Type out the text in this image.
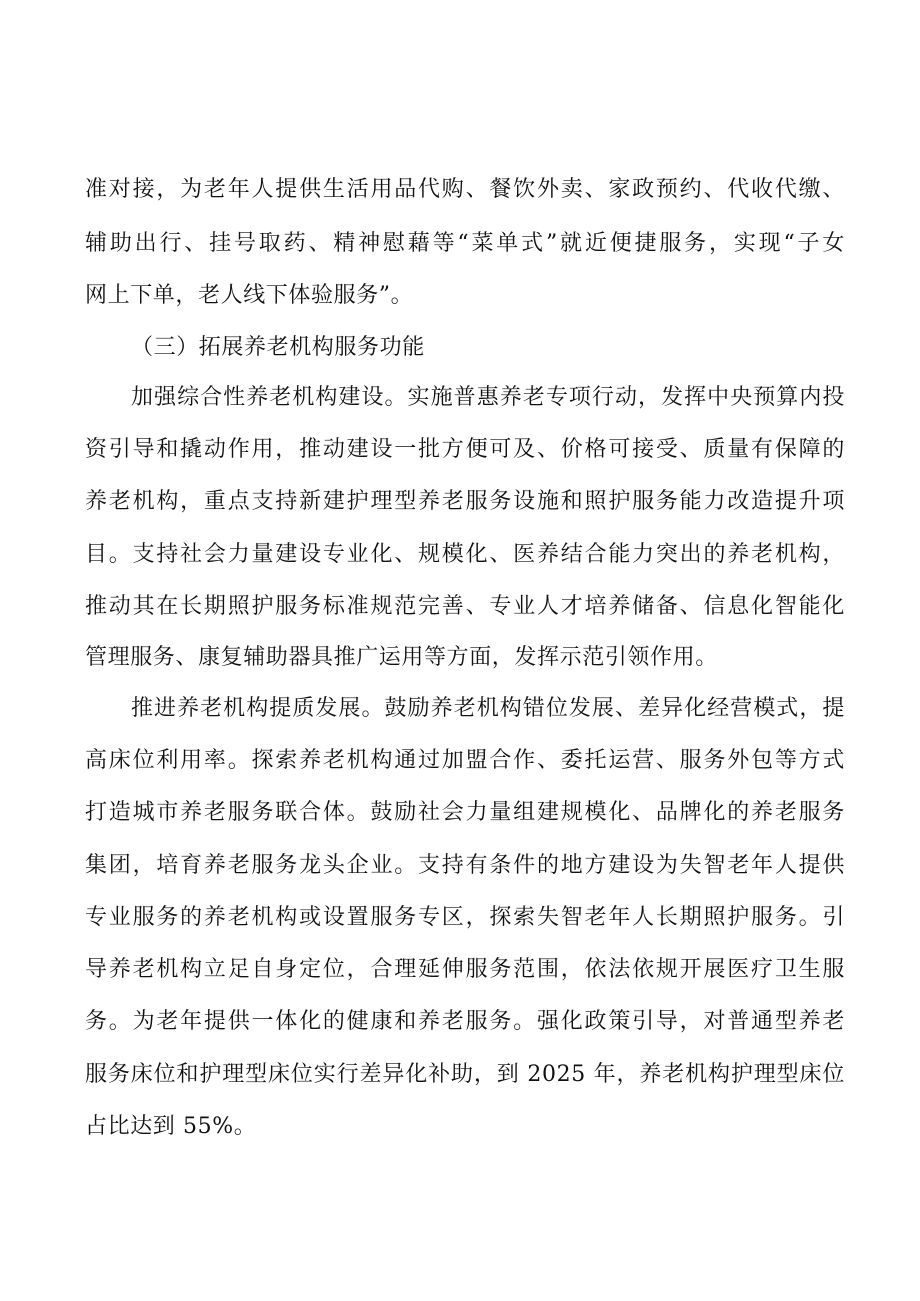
准对接，为老年人提供生活用品代购、餐饮外卖、家政预约、代收代缴、
辅助出行、挂号取药、精神慰藉等“菜单式”就近便捷服务，实现“子女
网上下单，老人线下体验服务”。
（三）拓展养老机构服务功能
加强综合性养老机构建设。实施普惠养老专项行动，发挥中央预算内投
资引导和撬动作用，推动建设一批方便可及、价格可接受、质量有保障的
养老机构，重点支持新建护理型养老服务设施和照护服务能力改造提升项
目。支持社会力量建设专业化、规模化、医养结合能力突出的养老机构，
推动其在长期照护服务标准规范完善、专业人才培养储备、信息化智能化
管理服务、康复辅助器具推广运用等方面，发挥示范引领作用。
推进养老机构提质发展。鼓励养老机构错位发展、差异化经营模式，提
高床位利用率。探索养老机构通过加盟合作、委托运营、服务外包等方式
打造城市养老服务联合体。鼓励社会力量组建规模化、品牌化的养老服务
集团，培育养老服务龙头企业。支持有条件的地方建设为失智老年人提供
专业服务的养老机构或设置服务专区，探索失智老年人长期照护服务。引
导养老机构立足自身定位，合理延伸服务范围，依法依规开展医疗卫生服
务。为老年提供一体化的健康和养老服务。强化政策引导，对普通型养老
服务床位和护理型床位实行差异化补助，到 2025 年，养老机构护理型床位
占比达到 55%。
